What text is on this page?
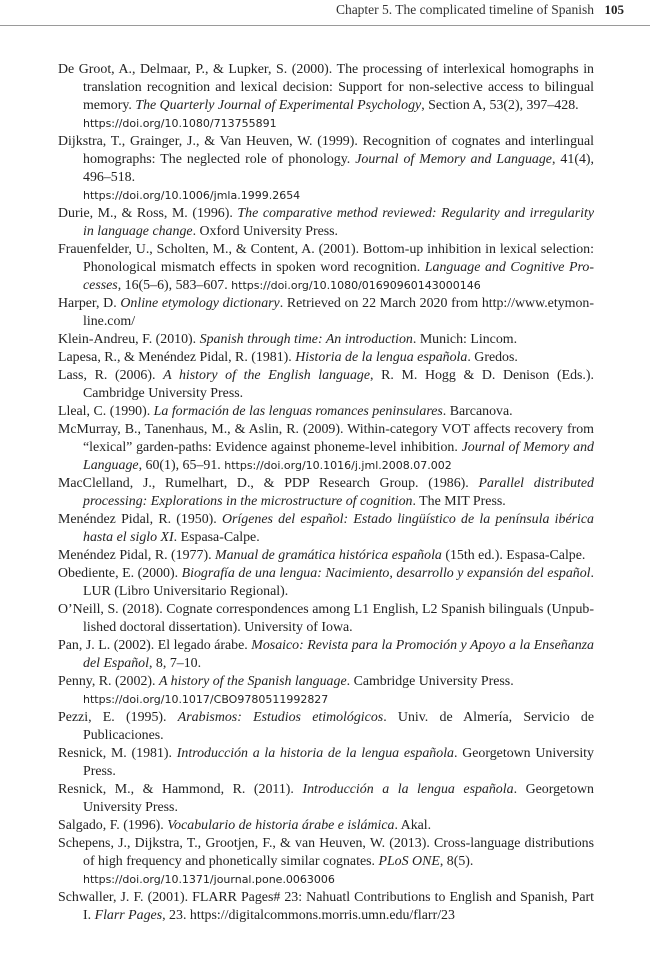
Chapter 5. The complicated timeline of Spanish 105

De Groot, A., Delmaar, P., & Lupker, S. (2000). The processing of interlexical homographs in translation recognition and lexical decision: Support for non-selective access to bilingual memory. The Quarterly Journal of Experimental Psychology, Section A, 53(2), 397–428.
https://doi.org/10.1080/713755891

Dijkstra, T., Grainger, J., & Van Heuven, W. (1999). Recognition of cognates and interlingual homographs: The neglected role of phonology. Journal of Memory and Language, 41(4), 496–518.
https://doi.org/10.1006/jmla.1999.2654

Durie, M., & Ross, M. (1996). The comparative method reviewed: Regularity and irregularity in language change. Oxford University Press.

Frauenfelder, U., Scholten, M., & Content, A. (2001). Bottom-up inhibition in lexical selection: Phonological mismatch effects in spoken word recognition. Language and Cognitive Processes, 16(5–6), 583–607. https://doi.org/10.1080/01690960143000146

Harper, D. Online etymology dictionary. Retrieved on 22 March 2020 from http://www.etymonline.com/

Klein-Andreu, F. (2010). Spanish through time: An introduction. Munich: Lincom.

Lapesa, R., & Menéndez Pidal, R. (1981). Historia de la lengua española. Gredos.

Lass, R. (2006). A history of the English language, R. M. Hogg & D. Denison (Eds.). Cambridge University Press.

Lleal, C. (1990). La formación de las lenguas romances peninsulares. Barcanova.

McMurray, B., Tanenhaus, M., & Aslin, R. (2009). Within-category VOT affects recovery from “lexical” garden-paths: Evidence against phoneme-level inhibition. Journal of Memory and Language, 60(1), 65–91. https://doi.org/10.1016/j.jml.2008.07.002

MacClelland, J., Rumelhart, D., & PDP Research Group. (1986). Parallel distributed processing: Explorations in the microstructure of cognition. The MIT Press.

Menéndez Pidal, R. (1950). Orígenes del español: Estado lingüístico de la península ibérica hasta el siglo XI. Espasa-Calpe.

Menéndez Pidal, R. (1977). Manual de gramática histórica española (15th ed.). Espasa-Calpe.

Obediente, E. (2000). Biografía de una lengua: Nacimiento, desarrollo y expansión del español. LUR (Libro Universitario Regional).

O’Neill, S. (2018). Cognate correspondences among L1 English, L2 Spanish bilinguals (Unpublished doctoral dissertation). University of Iowa.

Pan, J. L. (2002). El legado árabe. Mosaico: Revista para la Promoción y Apoyo a la Enseñanza del Español, 8, 7–10.

Penny, R. (2002). A history of the Spanish language. Cambridge University Press.
https://doi.org/10.1017/CBO9780511992827

Pezzi, E. (1995). Arabismos: Estudios etimológicos. Univ. de Almería, Servicio de Publicaciones.

Resnick, M. (1981). Introducción a la historia de la lengua española. Georgetown University Press.

Resnick, M., & Hammond, R. (2011). Introducción a la lengua española. Georgetown University Press.

Salgado, F. (1996). Vocabulario de historia árabe e islámica. Akal.

Schepens, J., Dijkstra, T., Grootjen, F., & van Heuven, W. (2013). Cross-language distributions of high frequency and phonetically similar cognates. PLoS ONE, 8(5).
https://doi.org/10.1371/journal.pone.0063006

Schwaller, J. F. (2001). FLARR Pages# 23: Nahuatl Contributions to English and Spanish, Part I. Flarr Pages, 23. https://digitalcommons.morris.umn.edu/flarr/23
